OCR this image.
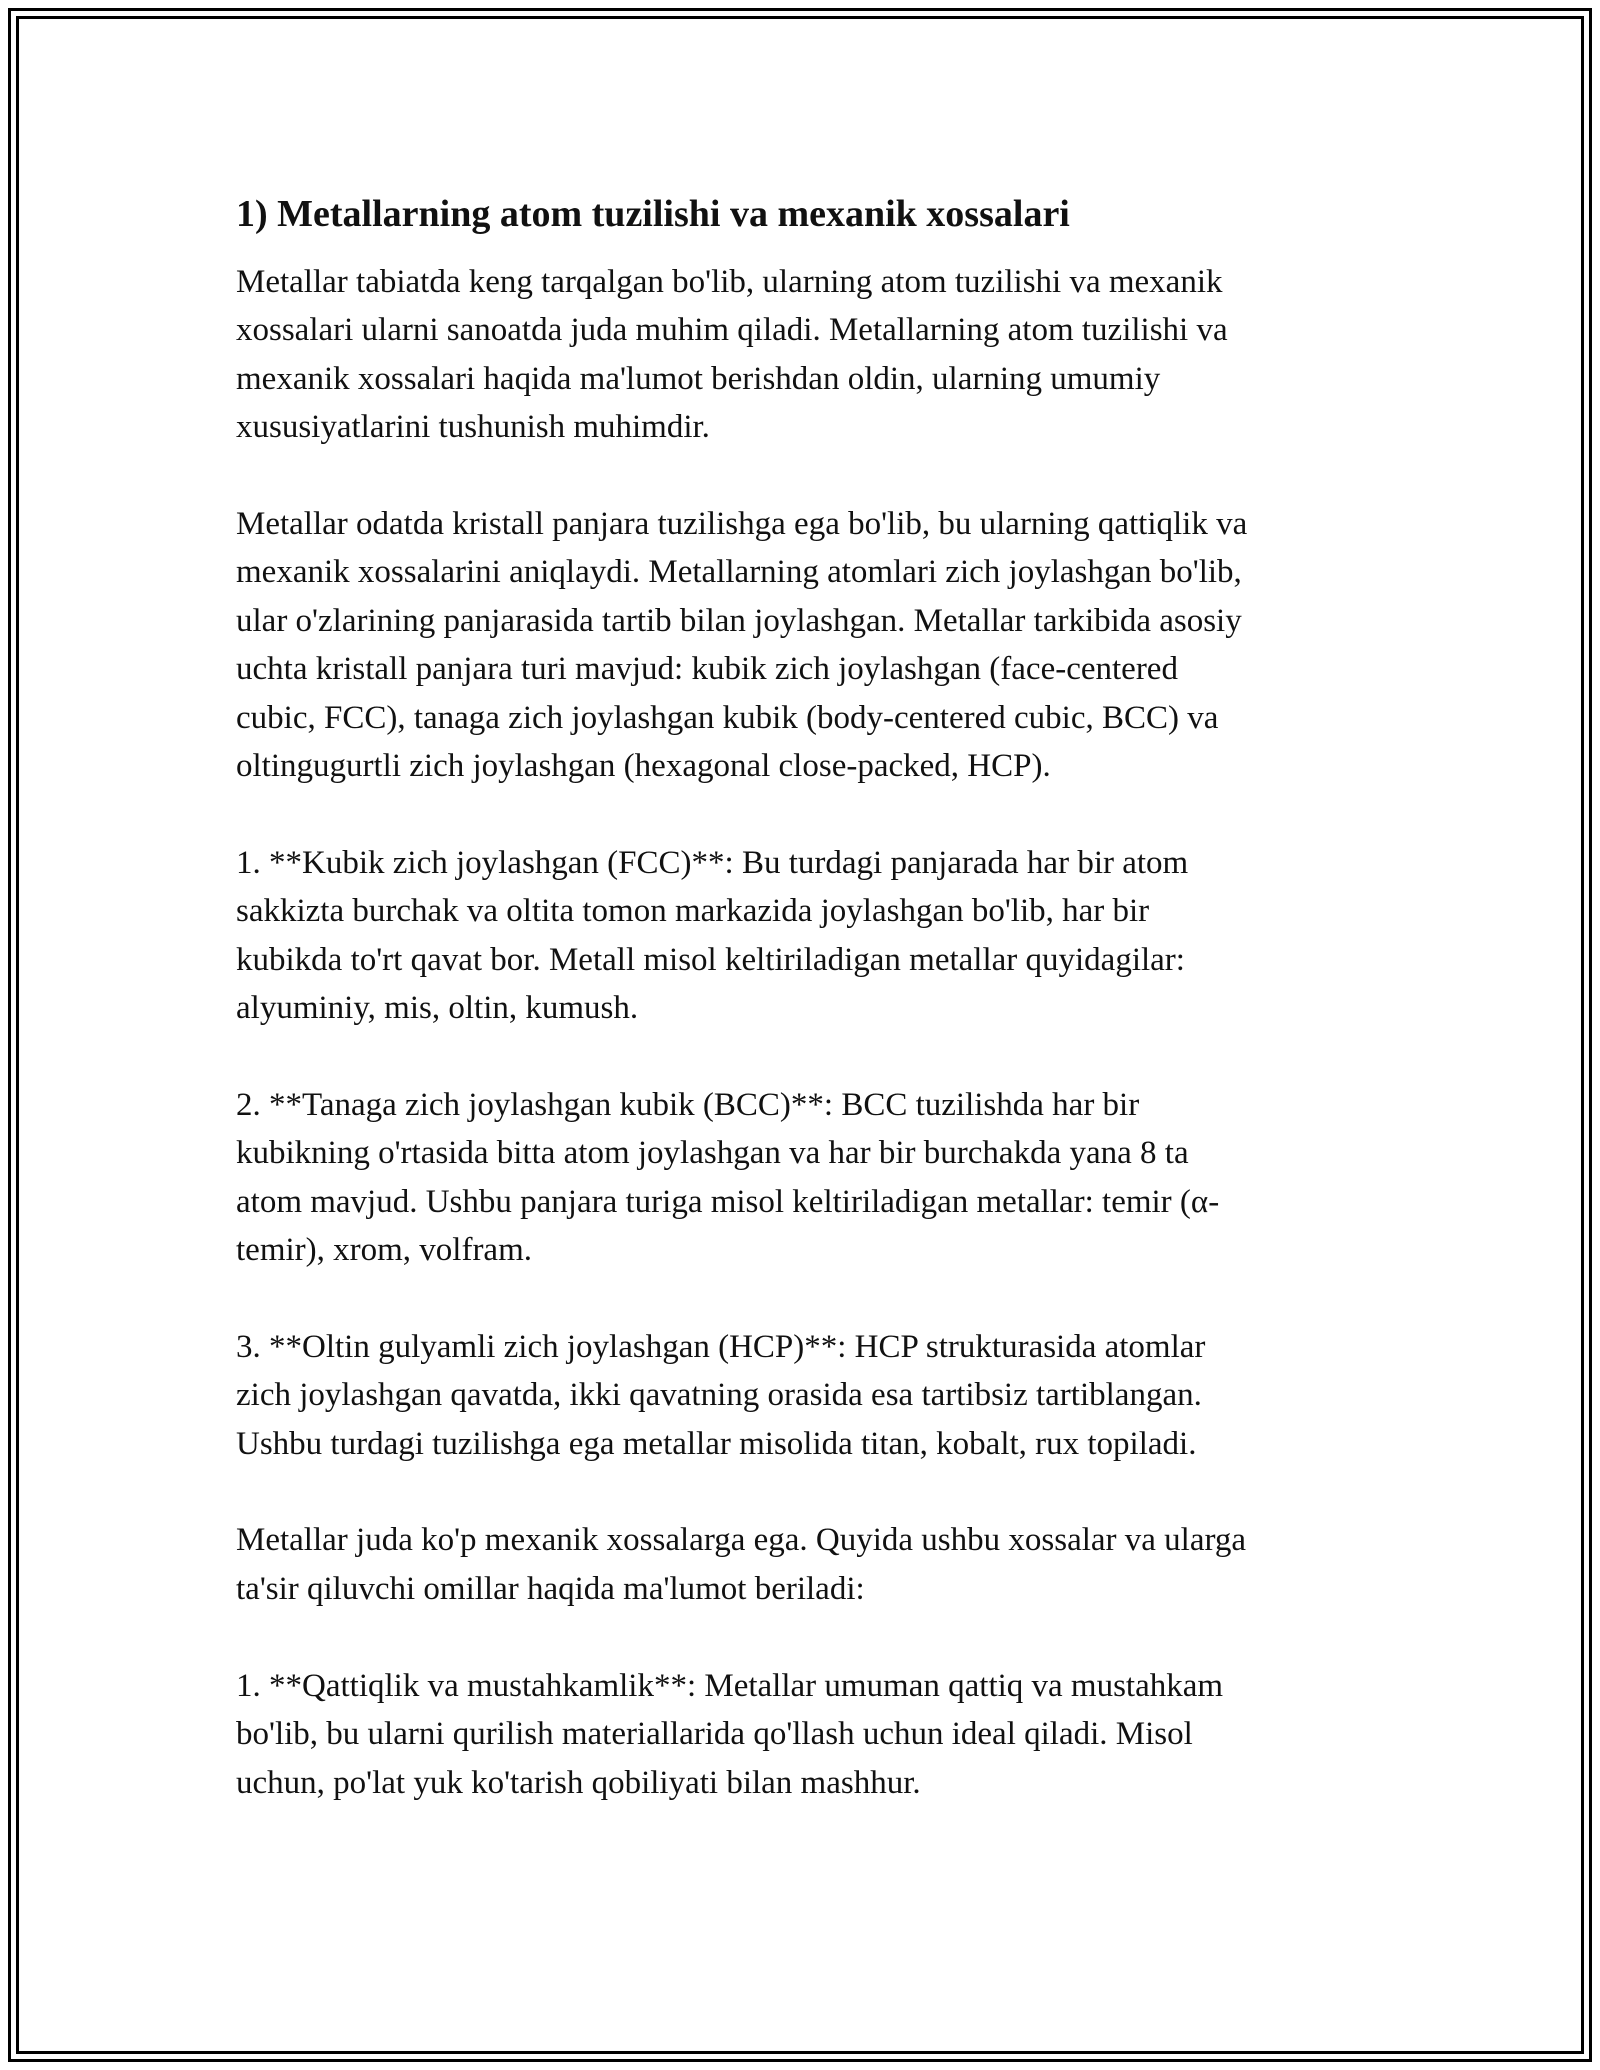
1) Metallarning atom tuzilishi va mexanik xossalari

Metallar tabiatda keng tarqalgan bo'lib, ularning atom tuzilishi va mexanik
xossalari ularni sanoatda juda muhim qiladi. Metallarning atom tuzilishi va
mexanik xossalari haqida ma'lumot berishdan oldin, ularning umumiy
xususiyatlarini tushunish muhimdir.

Metallar odatda kristall panjara tuzilishga ega bo'lib, bu ularning qattiqlik va
mexanik xossalarini aniqlaydi. Metallarning atomlari zich joylashgan bo'lib,
ular o'zlarining panjarasida tartib bilan joylashgan. Metallar tarkibida asosiy
uchta kristall panjara turi mavjud: kubik zich joylashgan (face-centered
cubic, FCC), tanaga zich joylashgan kubik (body-centered cubic, BCC) va
oltingugurtli zich joylashgan (hexagonal close-packed, HCP).

1. **Kubik zich joylashgan (FCC)**: Bu turdagi panjarada har bir atom
sakkizta burchak va oltita tomon markazida joylashgan bo'lib, har bir
kubikda to'rt qavat bor. Metall misol keltiriladigan metallar quyidagilar:
alyuminiy, mis, oltin, kumush.

2. **Tanaga zich joylashgan kubik (BCC)**: BCC tuzilishda har bir
kubikning o'rtasida bitta atom joylashgan va har bir burchakda yana 8 ta
atom mavjud. Ushbu panjara turiga misol keltiriladigan metallar: temir (α-
temir), xrom, volfram.

3. **Oltin gulyamli zich joylashgan (HCP)**: HCP strukturasida atomlar
zich joylashgan qavatda, ikki qavatning orasida esa tartibsiz tartiblangan.
Ushbu turdagi tuzilishga ega metallar misolida titan, kobalt, rux topiladi.

Metallar juda ko'p mexanik xossalarga ega. Quyida ushbu xossalar va ularga
ta'sir qiluvchi omillar haqida ma'lumot beriladi:

1. **Qattiqlik va mustahkamlik**: Metallar umuman qattiq va mustahkam
bo'lib, bu ularni qurilish materiallarida qo'llash uchun ideal qiladi. Misol
uchun, po'lat yuk ko'tarish qobiliyati bilan mashhur.
